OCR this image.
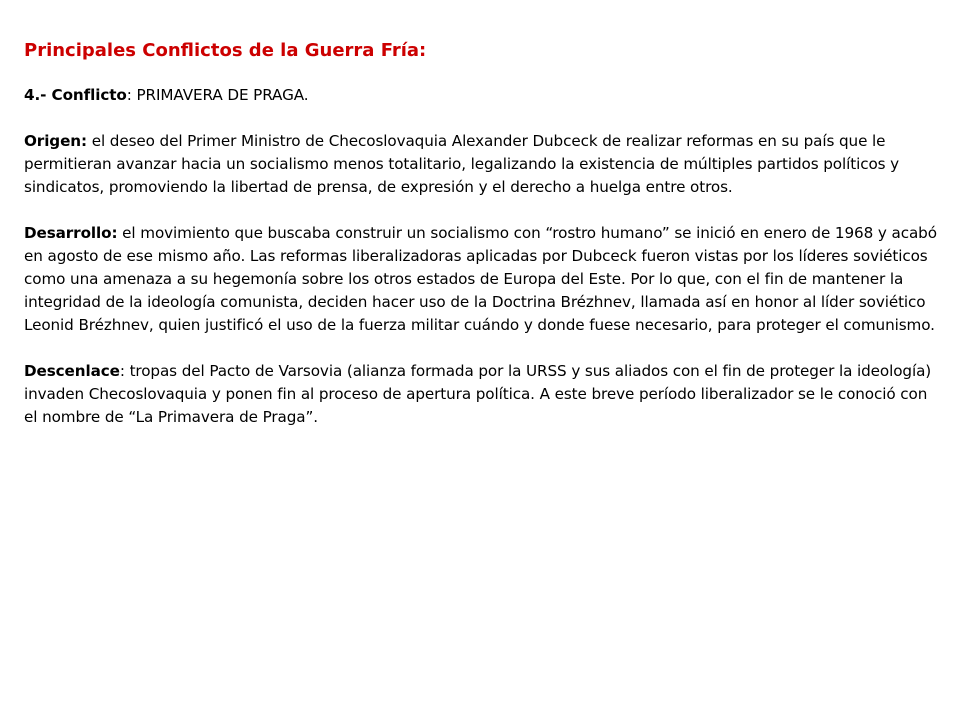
Principales Conflictos de la Guerra Fría:
4.- Conflicto: PRIMAVERA DE PRAGA.
Origen: el deseo del Primer Ministro de Checoslovaquia Alexander Dubceck de realizar reformas en su país que le permitieran avanzar hacia un socialismo menos totalitario, legalizando la existencia de múltiples partidos políticos y sindicatos, promoviendo la libertad de prensa, de expresión y el derecho a huelga entre otros.
Desarrollo: el movimiento que buscaba construir un socialismo con “rostro humano” se inició en enero de 1968 y acabó en agosto de ese mismo año. Las reformas liberalizadoras aplicadas por Dubceck fueron vistas por los líderes soviéticos como una amenaza a su hegemonía sobre los otros estados de Europa del Este. Por lo que, con el fin de mantener la integridad de la ideología comunista, deciden hacer uso de la Doctrina Brézhnev, llamada así en honor al líder soviético Leonid Brézhnev, quien justificó el uso de la fuerza militar cuándo y donde fuese necesario, para proteger el comunismo.
Descenlace: tropas del Pacto de Varsovia (alianza formada por la URSS y sus aliados con el fin de proteger la ideología) invaden Checoslovaquia y ponen fin al proceso de apertura política. A este breve período liberalizador se le conoció con el nombre de “La Primavera de Praga”.
